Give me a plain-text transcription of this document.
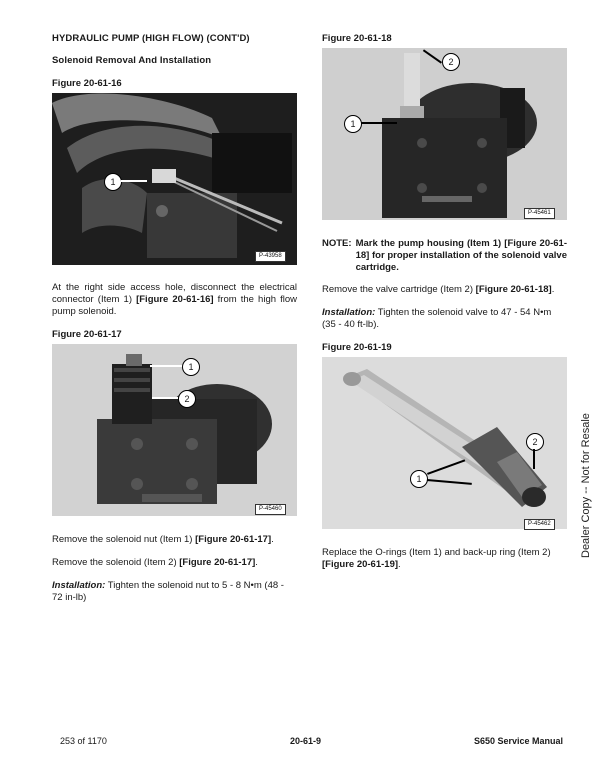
HYDRAULIC PUMP (HIGH FLOW) (CONT'D)
Solenoid Removal And Installation
Figure 20-61-16
1
P-43958
At the right side access hole, disconnect the electrical connector (Item 1) [Figure 20-61-16] from the high flow pump solenoid.
Figure 20-61-17
1
2
P-45460
Remove the solenoid nut (Item 1) [Figure 20-61-17].
Remove the solenoid (Item 2) [Figure 20-61-17].
Installation: Tighten the solenoid nut to 5 - 8 N•m (48 - 72 in-lb)
Figure 20-61-18
1
2
P-45461
NOTE:	Mark the pump housing (Item 1) [Figure 20-61-18] for proper installation of the solenoid valve cartridge.
Remove the valve cartridge (Item 2) [Figure 20-61-18].
Installation: Tighten the solenoid valve to 47 - 54 N•m (35 - 40 ft-lb).
Figure 20-61-19
1
2
P-45462
Replace the O-rings (Item 1) and back-up ring (Item 2) [Figure 20-61-19].
Dealer Copy -- Not for Resale
253 of 1170	20-61-9	S650 Service Manual
